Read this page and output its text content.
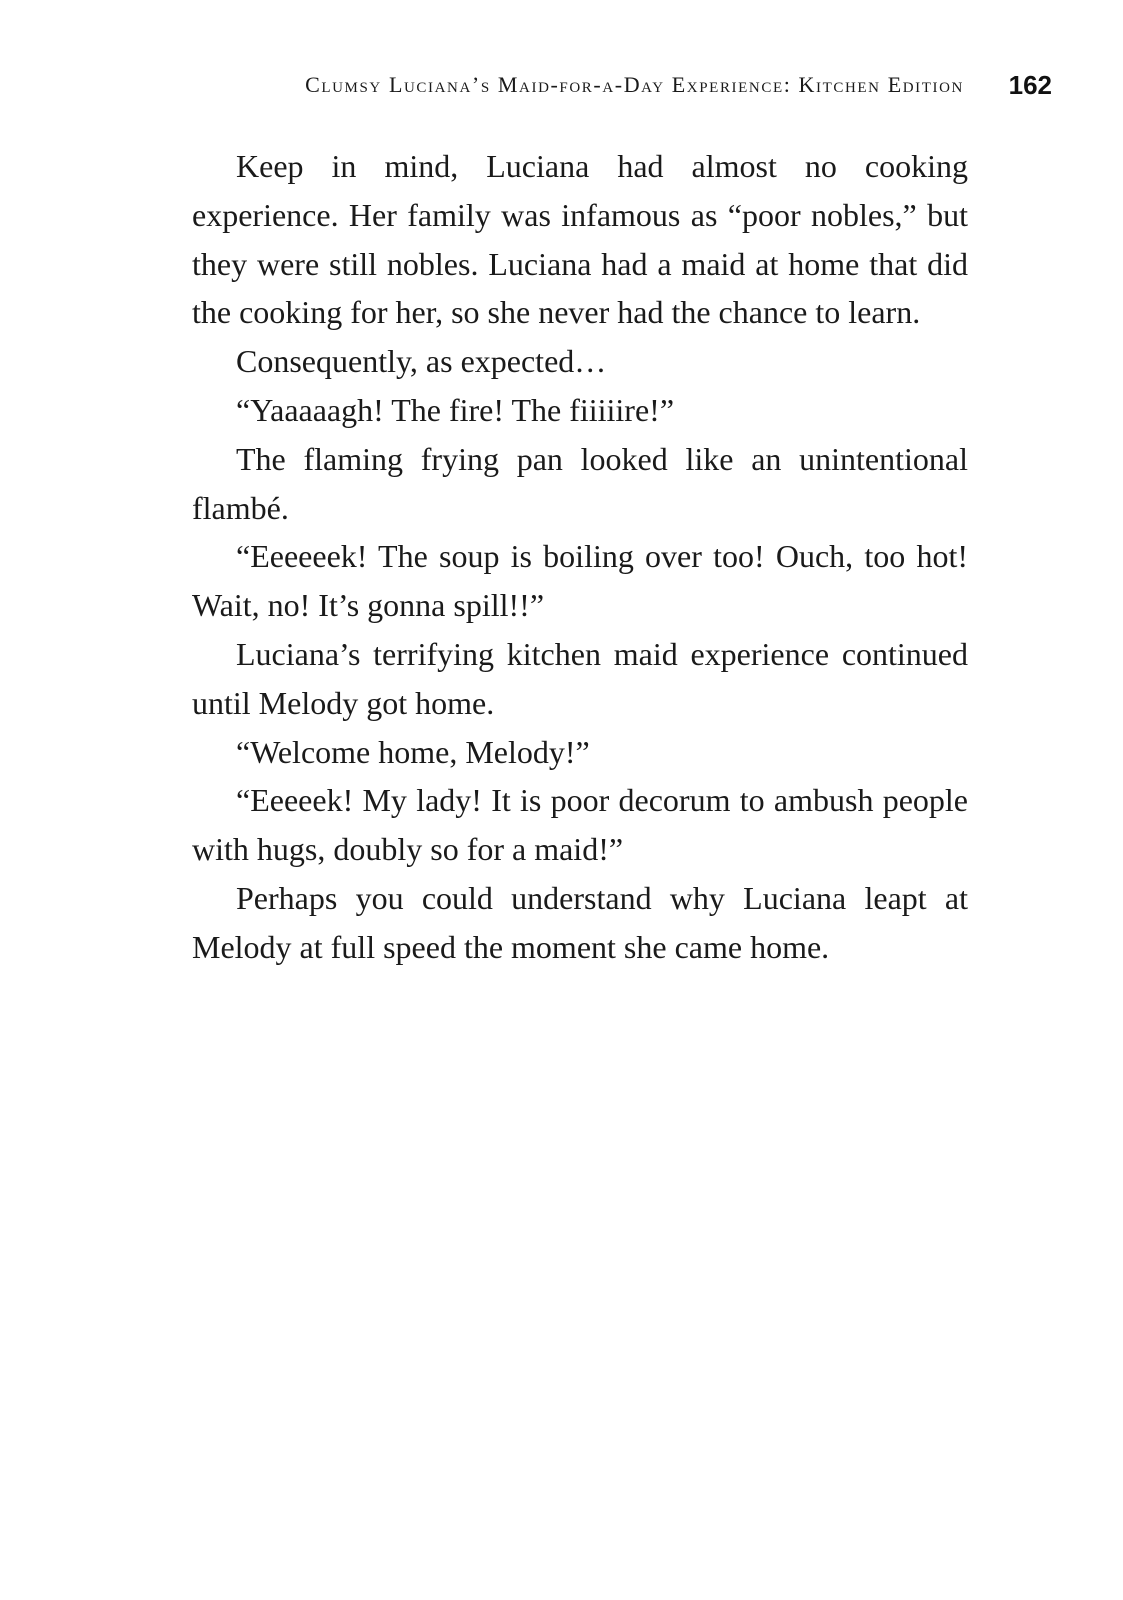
Clumsy Luciana’s Maid-for-a-Day Experience: Kitchen Edition	162

Keep in mind, Luciana had almost no cooking experience. Her family was infamous as “poor nobles,” but they were still nobles. Luciana had a maid at home that did the cooking for her, so she never had the chance to learn.

Consequently, as expected…

“Yaaaaagh! The fire! The fiiiiire!”

The flaming frying pan looked like an unintentional flambé.

“Eeeeeek! The soup is boiling over too! Ouch, too hot! Wait, no! It’s gonna spill!!”

Luciana’s terrifying kitchen maid experience continued until Melody got home.

“Welcome home, Melody!”

“Eeeeek! My lady! It is poor decorum to ambush people with hugs, doubly so for a maid!”

Perhaps you could understand why Luciana leapt at Melody at full speed the moment she came home.
